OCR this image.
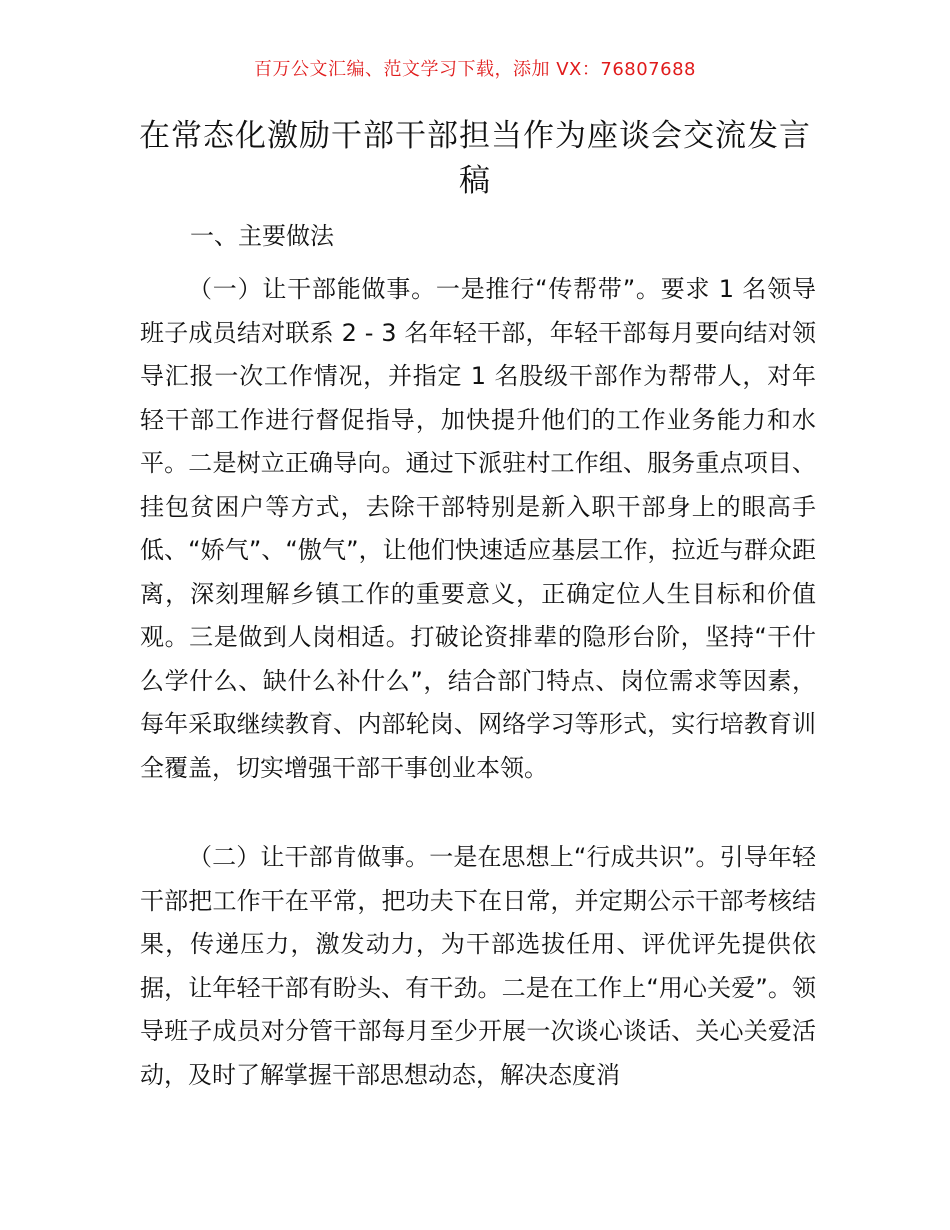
百万公文汇编、范文学习下载，添加 VX：76807688
在常态化激励干部干部担当作为座谈会交流发言稿
一、主要做法

（一）让干部能做事。一是推行“传帮带”。要求 1 名领导班子成员结对联系 2 - 3 名年轻干部，年轻干部每月要向结对领导汇报一次工作情况，并指定 1 名股级干部作为帮带人，对年轻干部工作进行督促指导，加快提升他们的工作业务能力和水平。二是树立正确导向。通过下派驻村工作组、服务重点项目、挂包贫困户等方式，去除干部特别是新入职干部身上的眼高手低、“娇气”、“傲气”，让他们快速适应基层工作，拉近与群众距离，深刻理解乡镇工作的重要意义，正确定位人生目标和价值观。三是做到人岗相适。打破论资排辈的隐形台阶，坚持“干什么学什么、缺什么补什么”，结合部门特点、岗位需求等因素，每年采取继续教育、内部轮岗、网络学习等形式，实行培教育训全覆盖，切实增强干部干事创业本领。

（二）让干部肯做事。一是在思想上“行成共识”。引导年轻干部把工作干在平常，把功夫下在日常，并定期公示干部考核结果，传递压力，激发动力，为干部选拔任用、评优评先提供依据，让年轻干部有盼头、有干劲。二是在工作上“用心关爱”。领导班子成员对分管干部每月至少开展一次谈心谈话、关心关爱活动，及时了解掌握干部思想动态，解决态度消
